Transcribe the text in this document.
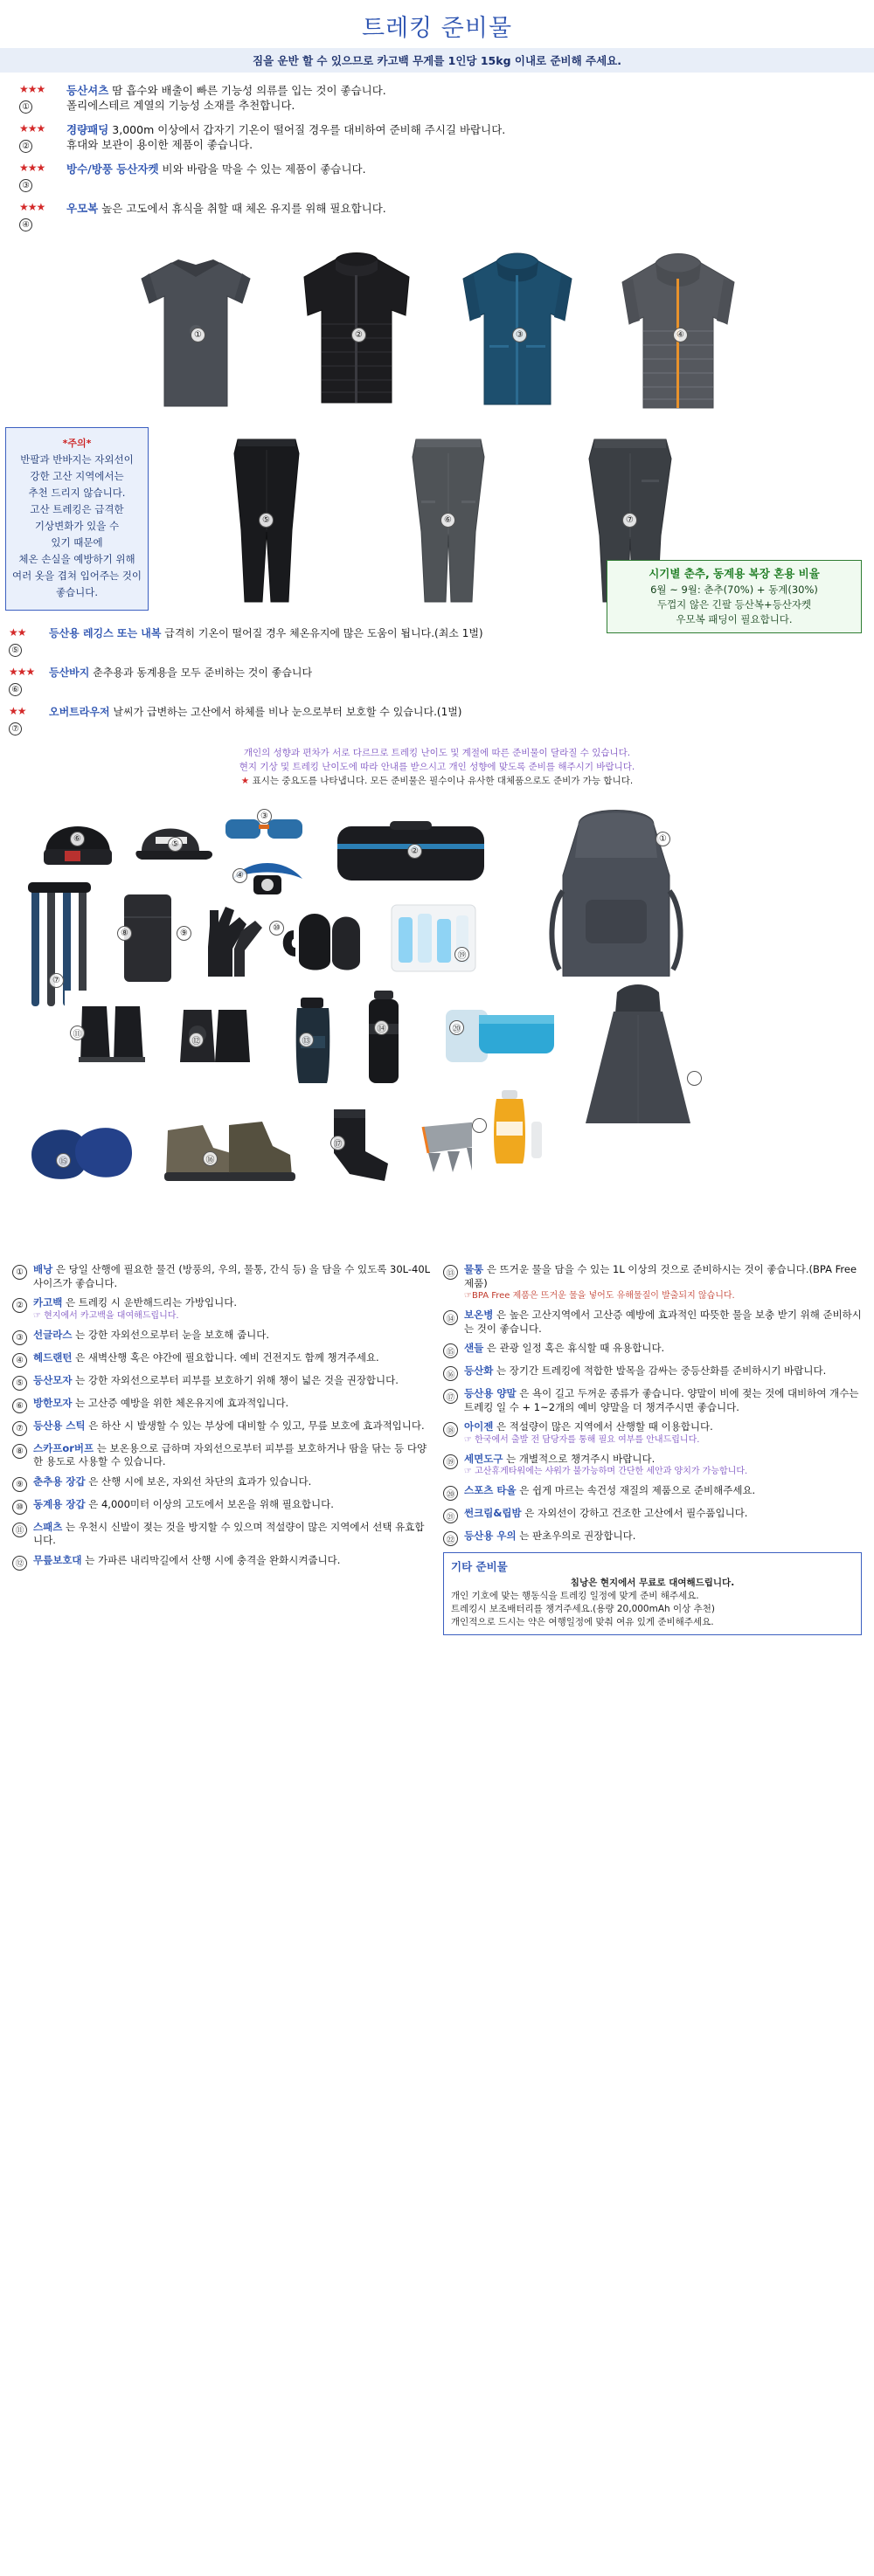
트레킹 준비물
짐을 운반 할 수 있으므로 카고백 무게를 1인당 15kg 이내로 준비해 주세요.
★★★
①
등산셔츠 땀 흡수와 배출이 빠른 기능성 의류를 입는 것이 좋습니다.
폴리에스테르 계열의 기능성 소재를 추천합니다.
★★★
②
경량패딩 3,000m 이상에서 갑자기 기온이 떨어질 경우를 대비하여 준비해 주시길 바랍니다.
휴대와 보관이 용이한 제품이 좋습니다.
★★★
③
방수/방풍 등산자켓 비와 바람을 막을 수 있는 제품이 좋습니다.
★★★
④
우모복 높은 고도에서 휴식을 취할 때 체온 유지를 위해 필요합니다.
①	②	③	④
*주의*
반팔과 반바지는 자외선이
강한 고산 지역에서는
추천 드리지 않습니다.
고산 트레킹은 급격한
기상변화가 있을 수
있기 때문에
체온 손실을 예방하기 위해
여러 옷을 겹쳐 입어주는 것이
좋습니다.
⑤	⑥	⑦
★★
⑤
등산용 레깅스 또는 내복 급격히 기온이 떨어질 경우 체온유지에 많은 도움이 됩니다.(최소 1벌)
★★★
⑥
등산바지 춘추용과 동계용을 모두 준비하는 것이 좋습니다
★★
⑦
오버트라우저 날씨가 급변하는 고산에서 하체를 비나 눈으로부터 보호할 수 있습니다.(1벌)
시기별 춘추, 동계용 복장 혼용 비율
6월 ~ 9월: 춘추(70%) + 동계(30%)
두껍지 않은 긴팔 등산복+등산자켓
우모복 패딩이 필요합니다.
개인의 성향과 편차가 서로 다르므로 트레킹 난이도 및 계절에 따른 준비물이 달라질 수 있습니다.
현지 기상 및 트레킹 난이도에 따라 안내를 받으시고 개인 성향에 맞도록 준비를 해주시기 바랍니다.
★ 표시는 중요도를 나타냅니다. 모든 준비물은 필수이나 유사한 대체품으로도 준비가 가능 합니다.
⑥
⑤
③
④
②
①
⑦
⑧	⑨
⑩
⑲
⑪
⑫	⑬
⑭	⑳
⑮	⑯
⑰
① 배낭 은 당일 산행에 필요한 물건 (방풍의, 우의, 물통, 간식 등) 을 담을 수 있도록 30L-40L 사이즈가 좋습니다.
② 카고백 은 트레킹 시 운반해드리는 가방입니다.
☞ 현지에서 카고백을 대여해드립니다.
③ 선글라스 는 강한 자외선으로부터 눈을 보호해 줍니다.
④ 헤드랜턴 은 새벽산행 혹은 야간에 필요합니다. 예비 건전지도 함께 챙겨주세요.
⑤ 등산모자 는 강한 자외선으로부터 피부를 보호하기 위해 챙이 넓은 것을 권장합니다.
⑥ 방한모자 는 고산증 예방을 위한 체온유지에 효과적입니다.
⑦ 등산용 스틱 은 하산 시 발생할 수 있는 부상에 대비할 수 있고, 무릎 보호에 효과적입니다.
⑧ 스카프or버프 는 보온용으로 급하며 자외선으로부터 피부를 보호하거나 땀을 닦는 등 다양한 용도로 사용할 수 있습니다.
⑨ 춘추용 장갑 은 산행 시에 보온, 자외선 차단의 효과가 있습니다.
⑩ 동계용 장갑 은 4,000미터 이상의 고도에서 보온을 위해 필요합니다.
⑪ 스패츠 는 우천시 신발이 젖는 것을 방지할 수 있으며 적설량이 많은 지역에서 선택 유효합니다.
⑫ 무릎보호대 는 가파른 내리막길에서 산행 시에 충격을 완화시켜줍니다.
⑬ 물통 은 뜨거운 물을 담을 수 있는 1L 이상의 것으로 준비하시는 것이 좋습니다.(BPA Free 제품)
☞BPA Free 제품은 뜨거운 물을 넣어도 유해물질이 발출되지 않습니다.
⑭ 보온병 은 높은 고산지역에서 고산증 예방에 효과적인 따뜻한 물을 보충 받기 위해 준비하시는 것이 좋습니다.
⑮ 샌들 은 관광 일정 혹은 휴식할 때 유용합니다.
⑯ 등산화 는 장기간 트레킹에 적합한 발목을 감싸는 중등산화를 준비하시기 바랍니다.
⑰ 등산용 양말 은 욕이 길고 두꺼운 종류가 좋습니다. 양말이 비에 젖는 것에 대비하여 개수는 트레킹 일 수 + 1~2개의 예비 양말을 더 챙겨주시면 좋습니다.
⑱ 아이젠 은 적설량이 많은 지역에서 산행할 때 이용합니다.
☞ 한국에서 출발 전 담당자를 통해 필요 여부를 안내드립니다.
⑲ 세면도구 는 개별적으로 챙겨주시 바랍니다.
☞ 고산휴게타워에는 샤워가 불가능하며 간단한 세안과 양치가 가능합니다.
⑳ 스포츠 타올 은 쉽게 마르는 속건성 재질의 제품으로 준비해주세요.
㉑ 썬크림&립밤 은 자외선이 강하고 건조한 고산에서 필수품입니다.
㉒ 등산용 우의 는 판초우의로 권장합니다.
기타 준비물
침낭은 현지에서 무료로 대여해드립니다.
개인 기호에 맞는 행동식을 트레킹 일정에 맞게 준비 해주세요.
트레킹시 보조배터리를 챙겨주세요.(용량 20,000mAh 이상 추천)
개인적으로 드시는 약은 여행일정에 맞춰 여유 있게 준비해주세요.
